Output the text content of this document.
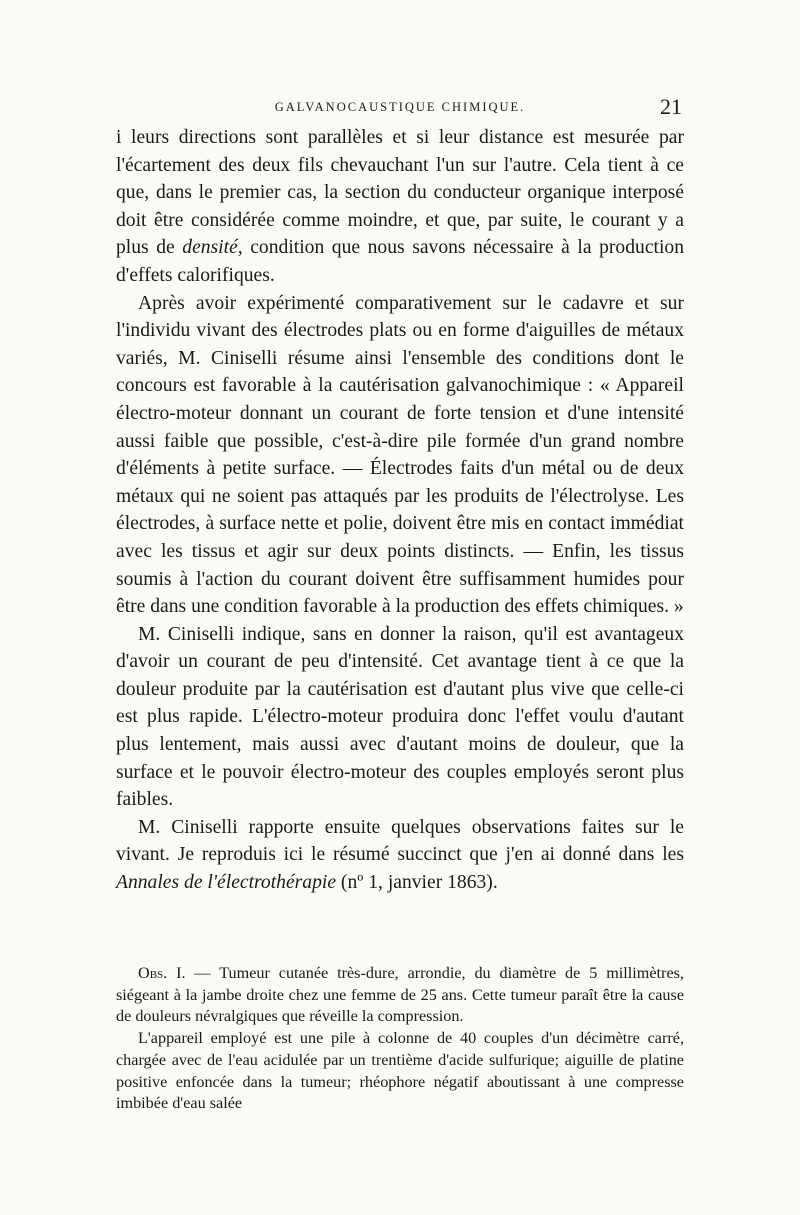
GALVANOCAUSTIQUE CHIMIQUE.	21

i leurs directions sont parallèles et si leur distance est mesurée par l'écartement des deux fils chevauchant l'un sur l'autre. Cela tient à ce que, dans le premier cas, la section du conducteur organique interposé doit être considérée comme moindre, et que, par suite, le courant y a plus de densité, condition que nous savons nécessaire à la production d'effets calorifiques.

Après avoir expérimenté comparativement sur le cadavre et sur l'individu vivant des électrodes plats ou en forme d'aiguilles de métaux variés, M. Ciniselli résume ainsi l'ensemble des conditions dont le concours est favorable à la cautérisation galvanochimique : « Appareil électro-moteur donnant un courant de forte tension et d'une intensité aussi faible que possible, c'est-à-dire pile formée d'un grand nombre d'éléments à petite surface. — Électrodes faits d'un métal ou de deux métaux qui ne soient pas attaqués par les produits de l'électrolyse. Les électrodes, à surface nette et polie, doivent être mis en contact immédiat avec les tissus et agir sur deux points distincts. — Enfin, les tissus soumis à l'action du courant doivent être suffisamment humides pour être dans une condition favorable à la production des effets chimiques. »

M. Ciniselli indique, sans en donner la raison, qu'il est avantageux d'avoir un courant de peu d'intensité. Cet avantage tient à ce que la douleur produite par la cautérisation est d'autant plus vive que celle-ci est plus rapide. L'électro-moteur produira donc l'effet voulu d'autant plus lentement, mais aussi avec d'autant moins de douleur, que la surface et le pouvoir électro-moteur des couples employés seront plus faibles.

M. Ciniselli rapporte ensuite quelques observations faites sur le vivant. Je reproduis ici le résumé succinct que j'en ai donné dans les Annales de l'électrothérapie (nº 1, janvier 1863).

Obs. I. — Tumeur cutanée très-dure, arrondie, du diamètre de 5 millimètres, siégeant à la jambe droite chez une femme de 25 ans. Cette tumeur paraît être la cause de douleurs névralgiques que réveille la compression.

L'appareil employé est une pile à colonne de 40 couples d'un décimètre carré, chargée avec de l'eau acidulée par un trentième d'acide sulfurique; aiguille de platine positive enfoncée dans la tumeur; rhéophore négatif aboutissant à une compresse imbibée d'eau salée
